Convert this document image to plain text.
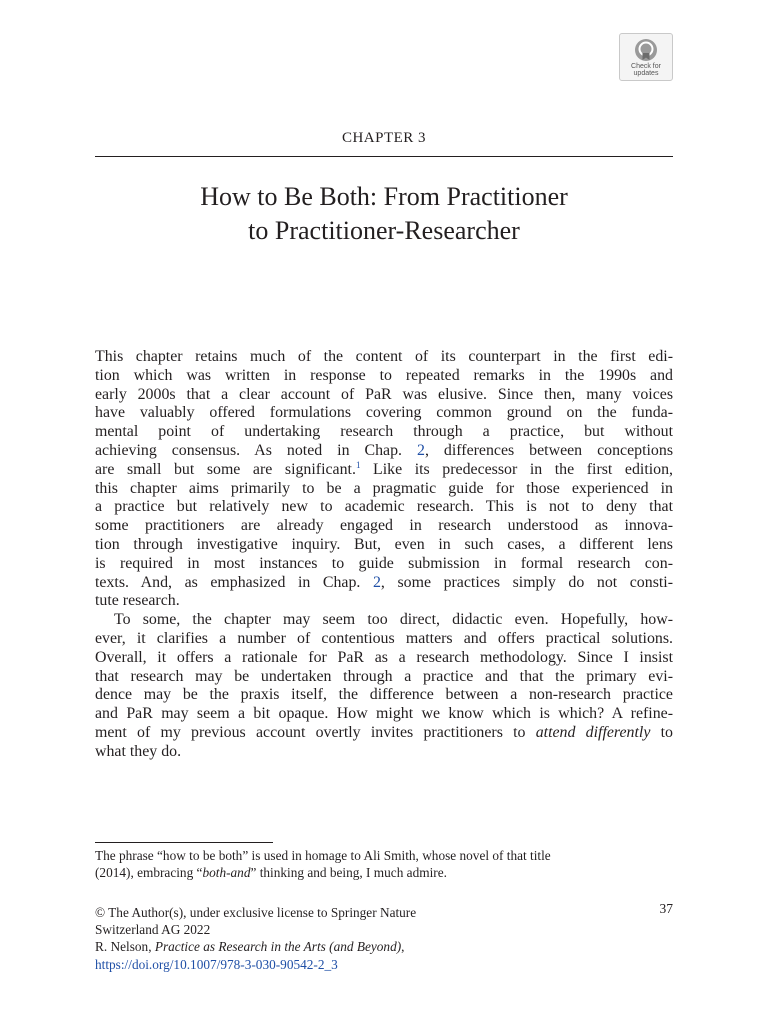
Check for
updates
CHAPTER 3
How to Be Both: From Practitioner
to Practitioner-Researcher
This chapter retains much of the content of its counterpart in the first edi-
tion which was written in response to repeated remarks in the 1990s and
early 2000s that a clear account of PaR was elusive. Since then, many voices
have valuably offered formulations covering common ground on the funda-
mental point of undertaking research through a practice, but without
achieving consensus. As noted in Chap. 2, differences between conceptions
are small but some are significant.$^1$ Like its predecessor in the first edition,
this chapter aims primarily to be a pragmatic guide for those experienced in
a practice but relatively new to academic research. This is not to deny that
some practitioners are already engaged in research understood as innova-
tion through investigative inquiry. But, even in such cases, a different lens
is required in most instances to guide submission in formal research con-
texts. And, as emphasized in Chap. 2, some practices simply do not consti-
tute research.
To some, the chapter may seem too direct, didactic even. Hopefully, how-
ever, it clarifies a number of contentious matters and offers practical solutions.
Overall, it offers a rationale for PaR as a research methodology. Since I insist
that research may be undertaken through a practice and that the primary evi-
dence may be the praxis itself, the difference between a non-research practice
and PaR may seem a bit opaque. How might we know which is which? A refine-
ment of my previous account overtly invites practitioners to attend differently to
what they do.
The phrase “how to be both” is used in homage to Ali Smith, whose novel of that title
(2014), embracing “both-and” thinking and being, I much admire.
© The Author(s), under exclusive license to Springer Nature
Switzerland AG 2022
R. Nelson, Practice as Research in the Arts (and Beyond),
https://doi.org/10.1007/978-3-030-90542-2_3
37
